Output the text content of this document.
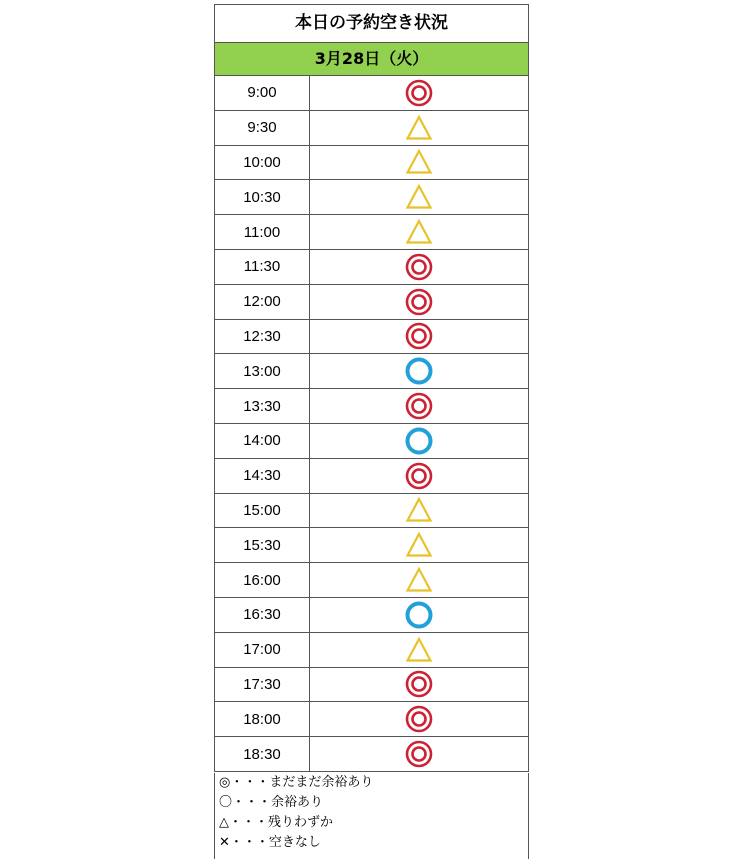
本日の予約空き状況
3月28日（火）
9:00
9:30
10:00
10:30
11:00
11:30
12:00
12:30
13:00
13:30
14:00
14:30
15:00
15:30
16:00
16:30
17:00
17:30
18:00
18:30
◎・・・まだまだ余裕あり
〇・・・余裕あり
△・・・残りわずか
✕・・・空きなし
